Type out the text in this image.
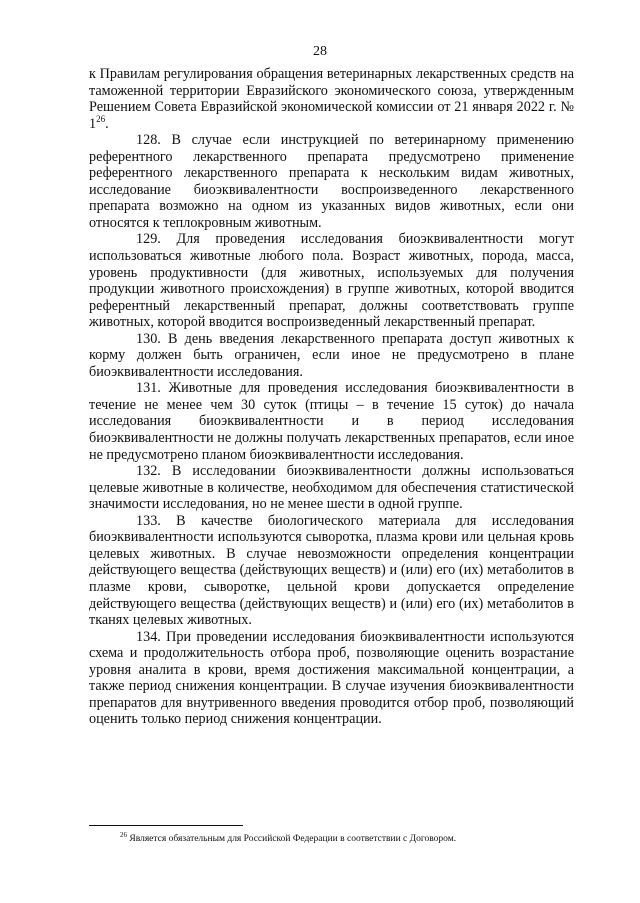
28

к Правилам регулирования обращения ветеринарных лекарственных средств на таможенной территории Евразийского экономического союза, утвержденным Решением Совета Евразийской экономической комиссии от 21 января 2022 г. № $1^{26}$.

128. В случае если инструкцией по ветеринарному применению референтного лекарственного препарата предусмотрено применение референтного лекарственного препарата к нескольким видам животных, исследование биоэквивалентности воспроизведенного лекарственного препарата возможно на одном из указанных видов животных, если они относятся к теплокровным животным.

129. Для проведения исследования биоэквивалентности могут использоваться животные любого пола. Возраст животных, порода, масса, уровень продуктивности (для животных, используемых для получения продукции животного происхождения) в группе животных, которой вводится референтный лекарственный препарат, должны соответствовать группе животных, которой вводится воспроизведенный лекарственный препарат.

130. В день введения лекарственного препарата доступ животных к корму должен быть ограничен, если иное не предусмотрено в плане биоэквивалентности исследования.

131. Животные для проведения исследования биоэквивалентности в течение не менее чем 30 суток (птицы – в течение 15 суток) до начала исследования биоэквивалентности и в период исследования биоэквивалентности не должны получать лекарственных препаратов, если иное не предусмотрено планом биоэквивалентности исследования.

132. В исследовании биоэквивалентности должны использоваться целевые животные в количестве, необходимом для обеспечения статистической значимости исследования, но не менее шести в одной группе.

133. В качестве биологического материала для исследования биоэквивалентности используются сыворотка, плазма крови или цельная кровь целевых животных. В случае невозможности определения концентрации действующего вещества (действующих веществ) и (или) его (их) метаболитов в плазме крови, сыворотке, цельной крови допускается определение действующего вещества (действующих веществ) и (или) его (их) метаболитов в тканях целевых животных.

134. При проведении исследования биоэквивалентности используются схема и продолжительность отбора проб, позволяющие оценить возрастание уровня аналита в крови, время достижения максимальной концентрации, а также период снижения концентрации. В случае изучения биоэквивалентности препаратов для внутривенного введения проводится отбор проб, позволяющий оценить только период снижения концентрации.

$^{26}$ Является обязательным для Российской Федерации в соответствии с Договором.
